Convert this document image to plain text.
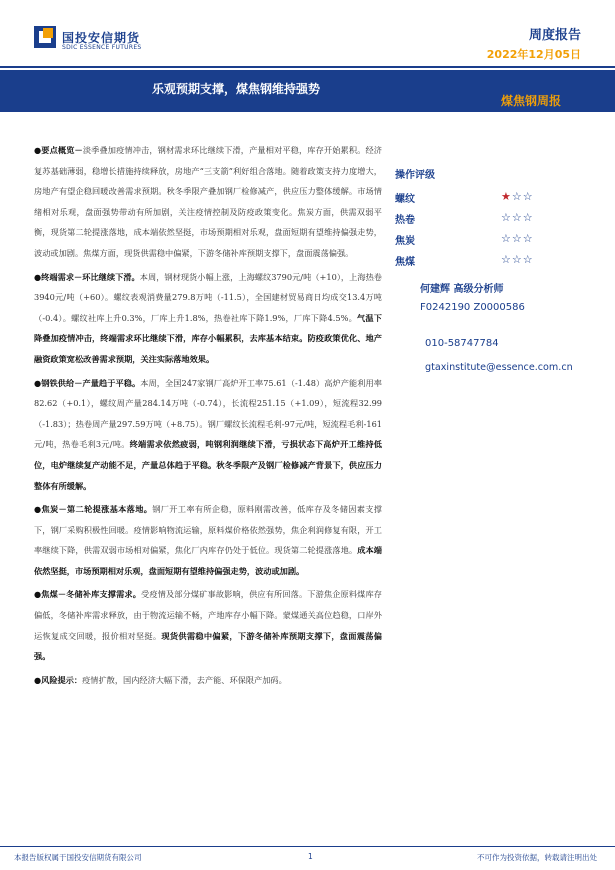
国投安信期货
SDIC ESSENCE FUTURES
周度报告
2022年12月05日
乐观预期支撑，煤焦钢维持强势
煤焦钢周报

●要点概览－淡季叠加疫情冲击，钢材需求环比继续下滑，产量相对平稳，库存开始累积。经济复苏基础薄弱，稳增长措施持续释放，房地产“三支箭”利好组合落地。随着政策支持力度增大，房地产有望企稳回暖改善需求预期。秋冬季限产叠加钢厂检修减产，供应压力整体缓解。市场情绪相对乐观，盘面强势带动有所加剧，关注疫情控制及防疫政策变化。焦炭方面，供需双弱平衡，现货第二轮提涨落地，成本端依然坚挺，市场预期相对乐观，盘面短期有望维持偏强走势，波动或加剧。焦煤方面，现货供需稳中偏紧，下游冬储补库预期支撑下，盘面震荡偏强。

●终端需求－环比继续下滑。本周，钢材现货小幅上涨，上海螺纹3790元/吨（+10），上海热卷3940元/吨（+60）。螺纹表观消费量279.8万吨（-11.5），全国建材贸易商日均成交13.4万吨（-0.4）。螺纹社库上升0.3%，厂库上升1.8%，热卷社库下降1.9%，厂库下降4.5%。气温下降叠加疫情冲击，终端需求环比继续下滑，库存小幅累积，去库基本结束。防疫政策优化、地产融资政策宽松改善需求预期，关注实际落地效果。

●钢铁供给－产量趋于平稳。本周，全国247家钢厂高炉开工率75.61（-1.48）高炉产能利用率82.62（+0.1），螺纹周产量284.14万吨（-0.74），长流程251.15（+1.09），短流程32.99（-1.83）；热卷周产量297.59万吨（+8.75）。钢厂螺纹长流程毛利-97元/吨，短流程毛利-161元/吨，热卷毛利3元/吨。终端需求依然疲弱，吨钢利润继续下滑，亏损状态下高炉开工维持低位，电炉继续复产动能不足，产量总体趋于平稳。秋冬季限产及钢厂检修减产背景下，供应压力整体有所缓解。

●焦炭－第二轮提涨基本落地。钢厂开工率有所企稳，原料刚需改善，低库存及冬储因素支撑下，钢厂采购积极性回暖。疫情影响物流运输，原料煤价格依然强势，焦企利润修复有限，开工率继续下降，供需双弱市场相对偏紧，焦化厂内库存仍处于低位。现货第二轮提涨落地。成本端依然坚挺，市场预期相对乐观，盘面短期有望维持偏强走势，波动或加剧。

●焦煤－冬储补库支撑需求。受疫情及部分煤矿事故影响，供应有所回落。下游焦企原料煤库存偏低，冬储补库需求释放，由于物流运输不畅，产地库存小幅下降。蒙煤通关高位趋稳，口岸外运恢复成交回暖，报价相对坚挺。现货供需稳中偏紧，下游冬储补库预期支撑下，盘面震荡偏强。

●风险提示：疫情扩散，国内经济大幅下滑，去产能、环保限产加码。

操作评级
螺纹	★☆☆
热卷	☆☆☆
焦炭	☆☆☆
焦煤	☆☆☆
何建辉 高级分析师
F0242190 Z0000586
010-58747784
gtaxinstitute@essence.com.cn
本报告版权属于国投安信期货有限公司	1	不可作为投资依据，转载请注明出处
